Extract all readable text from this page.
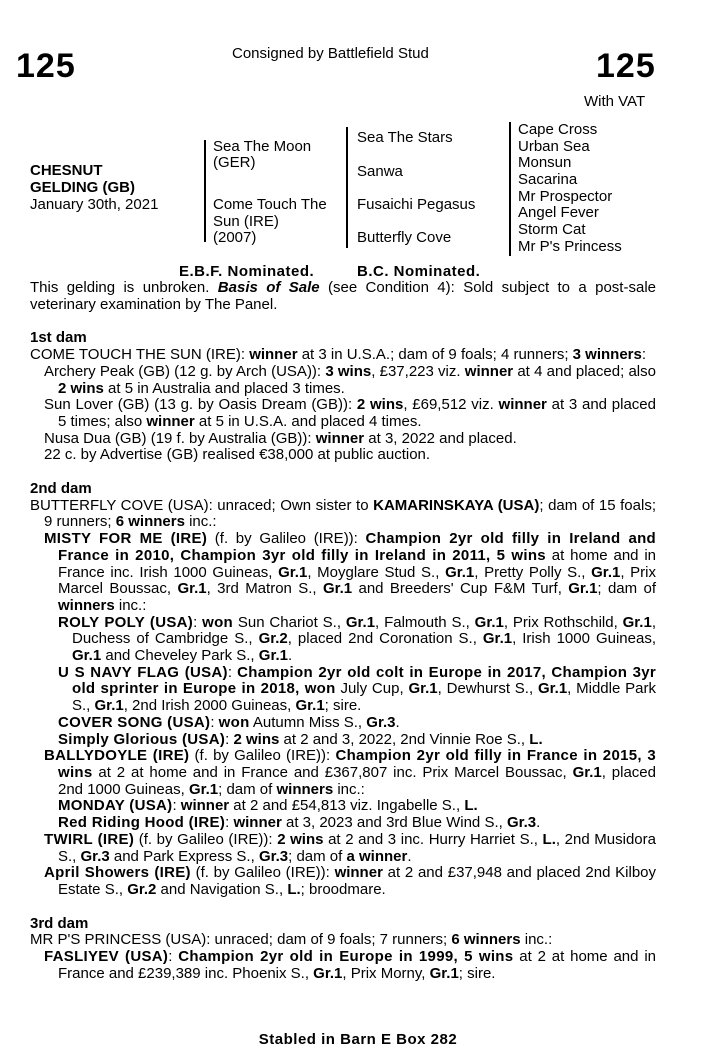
125	Consigned by Battlefield Stud	125
With VAT
CHESNUT
GELDING (GB)
January 30th, 2021
Sea The Moon
(GER)
Come Touch The
Sun (IRE)
(2007)
Sea The Stars
Sanwa
Fusaichi Pegasus
Butterfly Cove
Cape Cross
Urban Sea
Monsun
Sacarina
Mr Prospector
Angel Fever
Storm Cat
Mr P's Princess
E.B.F. Nominated.	B.C. Nominated.

This gelding is unbroken. Basis of Sale (see Condition 4): Sold subject to a post-sale veterinary examination by The Panel.

1st dam

COME TOUCH THE SUN (IRE): winner at 3 in U.S.A.; dam of 9 foals; 4 runners; 3 winners:

Archery Peak (GB) (12 g. by Arch (USA)): 3 wins, £37,223 viz. winner at 4 and placed; also 2 wins at 5 in Australia and placed 3 times.

Sun Lover (GB) (13 g. by Oasis Dream (GB)): 2 wins, £69,512 viz. winner at 3 and placed 5 times; also winner at 5 in U.S.A. and placed 4 times.

Nusa Dua (GB) (19 f. by Australia (GB)): winner at 3, 2022 and placed.

22 c. by Advertise (GB) realised €38,000 at public auction.

2nd dam

BUTTERFLY COVE (USA): unraced; Own sister to KAMARINSKAYA (USA); dam of 15 foals; 9 runners; 6 winners inc.:

MISTY FOR ME (IRE) (f. by Galileo (IRE)): Champion 2yr old filly in Ireland and France in 2010, Champion 3yr old filly in Ireland in 2011, 5 wins at home and in France inc. Irish 1000 Guineas, Gr.1, Moyglare Stud S., Gr.1, Pretty Polly S., Gr.1, Prix Marcel Boussac, Gr.1, 3rd Matron S., Gr.1 and Breeders' Cup F&M Turf, Gr.1; dam of winners inc.:

ROLY POLY (USA): won Sun Chariot S., Gr.1, Falmouth S., Gr.1, Prix Rothschild, Gr.1, Duchess of Cambridge S., Gr.2, placed 2nd Coronation S., Gr.1, Irish 1000 Guineas, Gr.1 and Cheveley Park S., Gr.1.

U S NAVY FLAG (USA): Champion 2yr old colt in Europe in 2017, Champion 3yr old sprinter in Europe in 2018, won July Cup, Gr.1, Dewhurst S., Gr.1, Middle Park S., Gr.1, 2nd Irish 2000 Guineas, Gr.1; sire.

COVER SONG (USA): won Autumn Miss S., Gr.3.

Simply Glorious (USA): 2 wins at 2 and 3, 2022, 2nd Vinnie Roe S., L.

BALLYDOYLE (IRE) (f. by Galileo (IRE)): Champion 2yr old filly in France in 2015, 3 wins at 2 at home and in France and £367,807 inc. Prix Marcel Boussac, Gr.1, placed 2nd 1000 Guineas, Gr.1; dam of winners inc.:

MONDAY (USA): winner at 2 and £54,813 viz. Ingabelle S., L.

Red Riding Hood (IRE): winner at 3, 2023 and 3rd Blue Wind S., Gr.3.

TWIRL (IRE) (f. by Galileo (IRE)): 2 wins at 2 and 3 inc. Hurry Harriet S., L., 2nd Musidora S., Gr.3 and Park Express S., Gr.3; dam of a winner.

April Showers (IRE) (f. by Galileo (IRE)): winner at 2 and £37,948 and placed 2nd Kilboy Estate S., Gr.2 and Navigation S., L.; broodmare.

3rd dam

MR P'S PRINCESS (USA): unraced; dam of 9 foals; 7 runners; 6 winners inc.:

FASLIYEV (USA): Champion 2yr old in Europe in 1999, 5 wins at 2 at home and in France and £239,389 inc. Phoenix S., Gr.1, Prix Morny, Gr.1; sire.

Stabled in Barn E Box 282
